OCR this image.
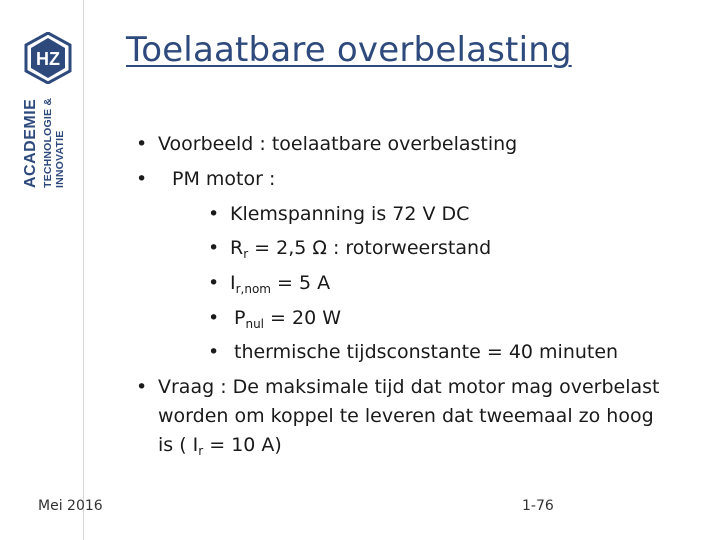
HZ
ACADEMIE TECHNOLOGIE & INNOVATIE
Toelaatbare overbelasting
• Voorbeeld : toelaatbare overbelasting
• PM motor :
• Klemspanning is 72 V DC
• $R_r = 2,5$ Ω : rotorweerstand
• $I_{r,nom} = 5$ A
• $P_{nul} = 20$ W
• thermische tijdsconstante = 40 minuten
• Vraag : De maksimale tijd dat motor mag overbelast
worden om koppel te leveren dat tweemaal zo hoog
is ( $I_r = 10$ A)
Mei 2016	1-76
